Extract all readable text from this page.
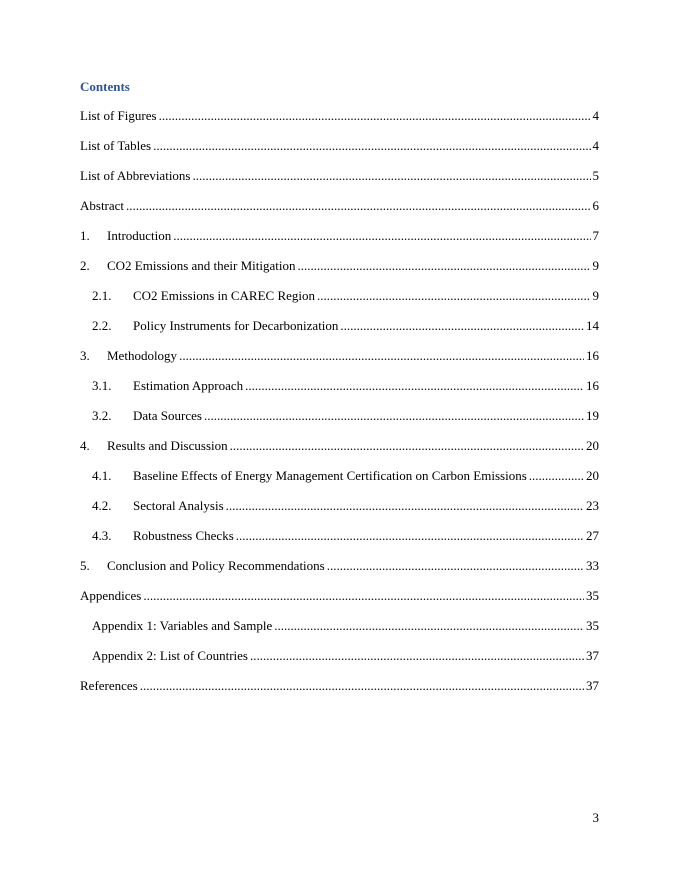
Contents
List of Figures .....	4
List of Tables .....	4
List of Abbreviations .....	5
Abstract .....	6
1.	Introduction .....	7
2.	CO2 Emissions and their Mitigation .....	9
2.1.	CO2 Emissions in CAREC Region .....	9
2.2.	Policy Instruments for Decarbonization .....	14
3.	Methodology .....	16
3.1.	Estimation Approach .....	16
3.2.	Data Sources .....	19
4.	Results and Discussion .....	20
4.1.	Baseline Effects of Energy Management Certification on Carbon Emissions .....	20
4.2.	Sectoral Analysis .....	23
4.3.	Robustness Checks .....	27
5.	Conclusion and Policy Recommendations .....	33
Appendices .....	35
Appendix 1: Variables and Sample .....	35
Appendix 2: List of Countries .....	37
References .....	37
3
